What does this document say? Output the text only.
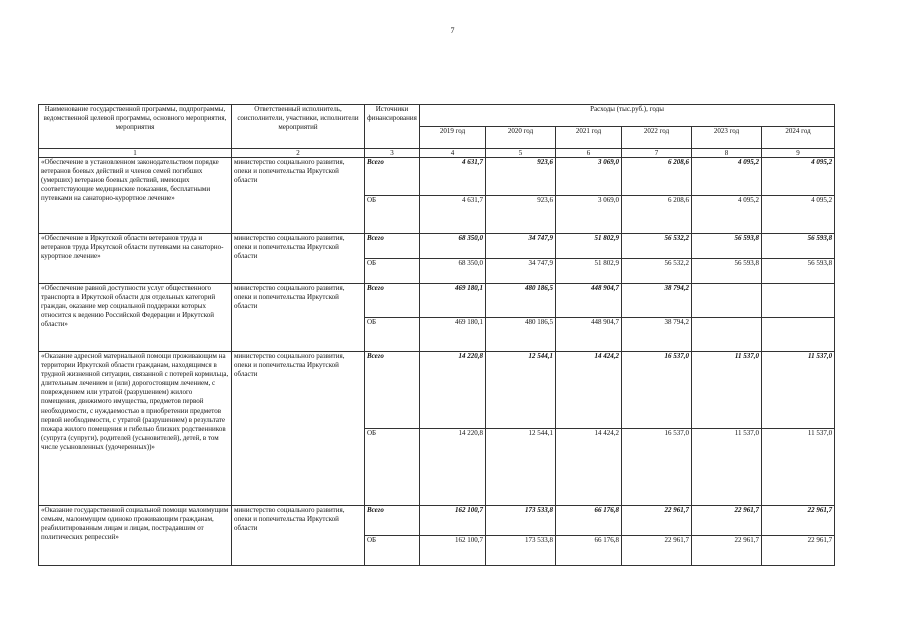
7
Наименование государственной программы, подпрограммы, ведомственной целевой программы, основного мероприятия, мероприятия	Ответственный исполнитель, соисполнители, участники, исполнители мероприятий	Источники финансирования	Расходы (тыс.руб.), годы					
			2019 год	2020 год	2021 год	2022 год	2023 год	2024 год
1	2	3	4	5	6	7	8	9
«Обеспечение в установленном законодательством порядке ветеранов боевых действий и членов семей погибших (умерших) ветеранов боевых действий, имеющих соответствующие медицинские показания, бесплатными путевками на санаторно-курортное лечение»	министерство социального развития, опеки и попечительства Иркутской области	Всего	4 631,7	923,6	3 069,0	6 208,6	4 095,2	4 095,2
		ОБ	4 631,7	923,6	3 069,0	6 208,6	4 095,2	4 095,2
«Обеспечение в Иркутской области ветеранов труда и ветеранов труда Иркутской области путевками на санаторно-курортное лечение»	министерство социального развития, опеки и попечительства Иркутской области	Всего	68 350,0	34 747,9	51 802,9	56 532,2	56 593,8	56 593,8
		ОБ	68 350,0	34 747,9	51 802,9	56 532,2	56 593,8	56 593,8
«Обеспечение равной доступности услуг общественного транспорта в Иркутской области для отдельных категорий граждан, оказание мер социальной поддержки которых относится к ведению Российской Федерации и Иркутской области»	министерство социального развития, опеки и попечительства Иркутской области	Всего	469 180,1	480 186,5	448 904,7	38 794,2		
		ОБ	469 180,1	480 186,5	448 904,7	38 794,2		
«Оказание адресной материальной помощи проживающим на территории Иркутской области гражданам, находящимся в трудной жизненной ситуации, связанной с потерей кормильца, длительным лечением и (или) дорогостоящим лечением, с повреждением или утратой (разрушением) жилого помещения, движимого имущества, предметов первой необходимости, с нуждаемостью в приобретении предметов первой необходимости, с утратой (разрушением) в результате пожара жилого помещения и гибелью близких родственников (супруга (супруги), родителей (усыновителей), детей, в том числе усыновленных (удочеренных))»	министерство социального развития, опеки и попечительства Иркутской области	Всего	14 220,8	12 544,1	14 424,2	16 537,0	11 537,0	11 537,0
		ОБ	14 220,8	12 544,1	14 424,2	16 537,0	11 537,0	11 537,0
«Оказание государственной социальной помощи малоимущим семьям, малоимущим одиноко проживающим гражданам, реабилитированным лицам и лицам, пострадавшим от политических репрессий»	министерство социального развития, опеки и попечительства Иркутской области	Всего	162 100,7	173 533,8	66 176,8	22 961,7	22 961,7	22 961,7
		ОБ	162 100,7	173 533,8	66 176,8	22 961,7	22 961,7	22 961,7
